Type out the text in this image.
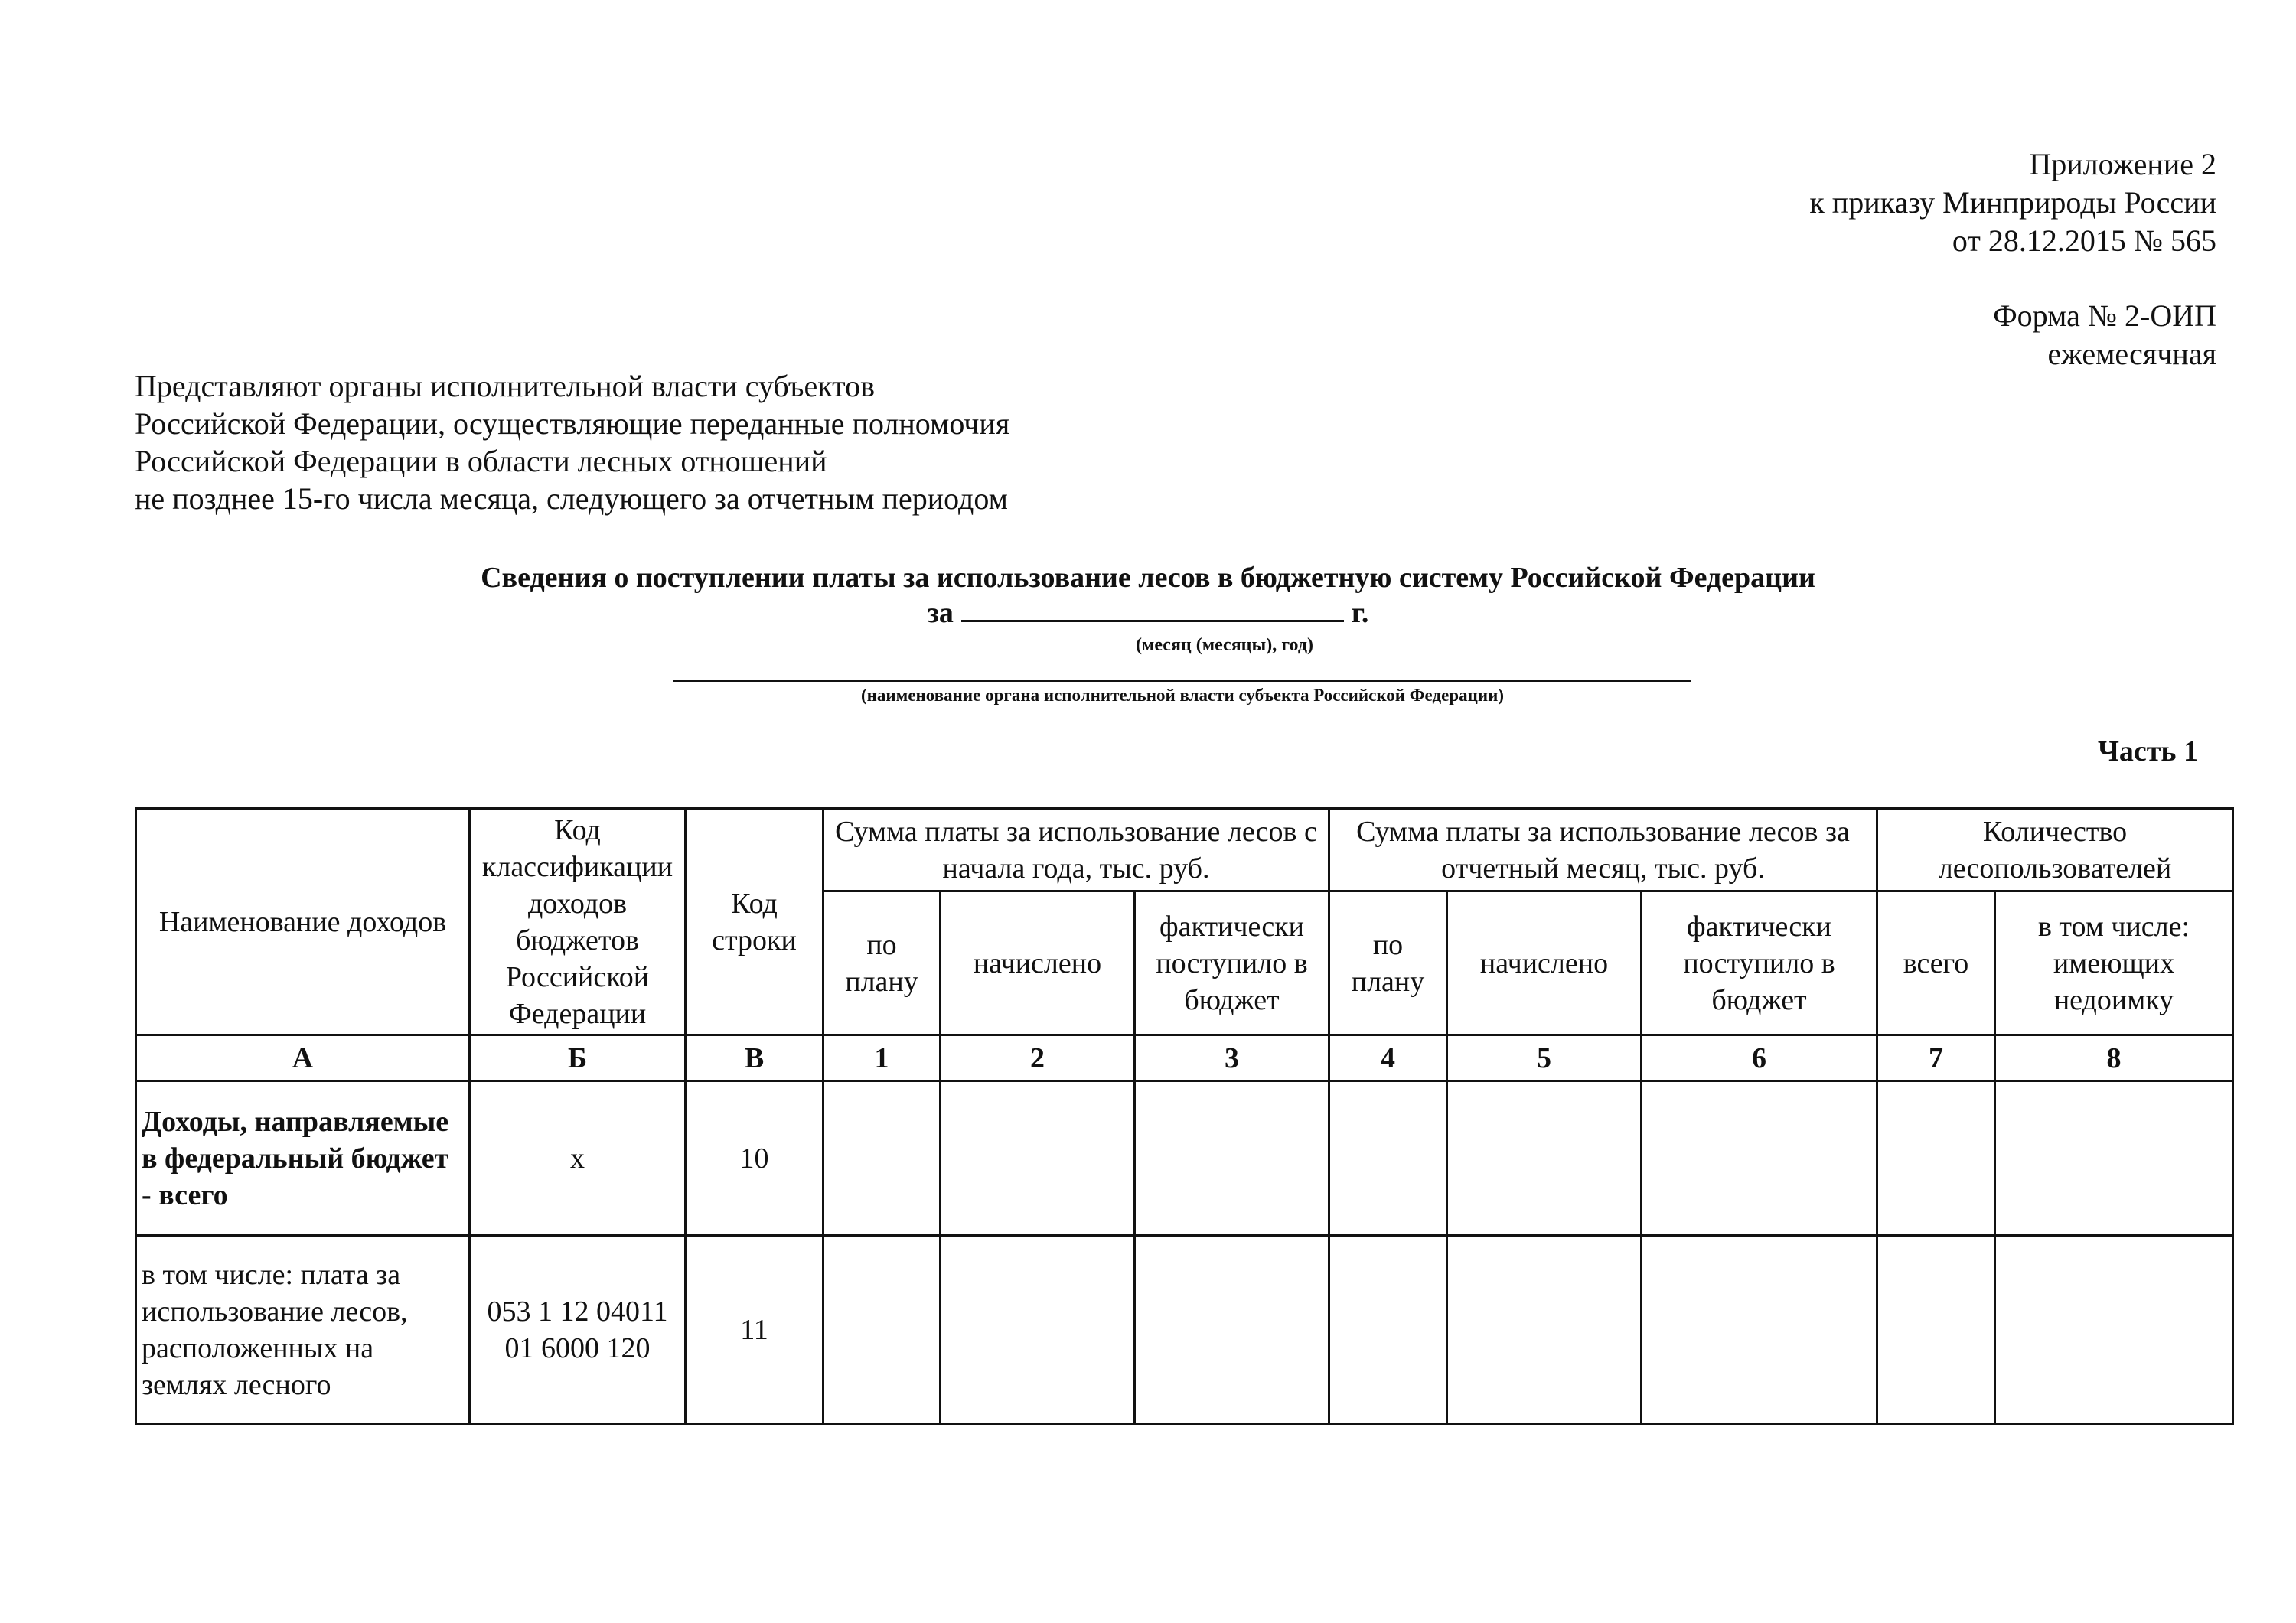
Приложение 2
к приказу Минприроды России
от 28.12.2015 № 565
Форма № 2-ОИП
ежемесячная
Представляют органы исполнительной власти субъектов
Российской Федерации, осуществляющие переданные полномочия
Российской Федерации в области лесных отношений
не позднее 15-го числа месяца, следующего за отчетным периодом
Сведения о поступлении платы за использование лесов в бюджетную систему Российской Федерации
за	г.
(месяц (месяцы), год)
(наименование органа исполнительной власти субъекта Российской Федерации)
Часть 1
Наименование доходов	Код классификации доходов бюджетов Российской Федерации	Код строки	Сумма платы за использование лесов с начала года, тыс. руб.			Сумма платы за использование лесов за отчетный месяц, тыс. руб.			Количество лесопользователей	
			по плану	начислено	фактически поступило в бюджет	по плану	начислено	фактически поступило в бюджет	всего	в том числе: имеющих недоимку
А	Б	В	1	2	3	4	5	6	7	8
Доходы, направляемые в федеральный бюджет - всего	x	10								
в том числе: плата за использование лесов, расположенных на землях лесного	053 1 12 04011 01 6000 120	11								
